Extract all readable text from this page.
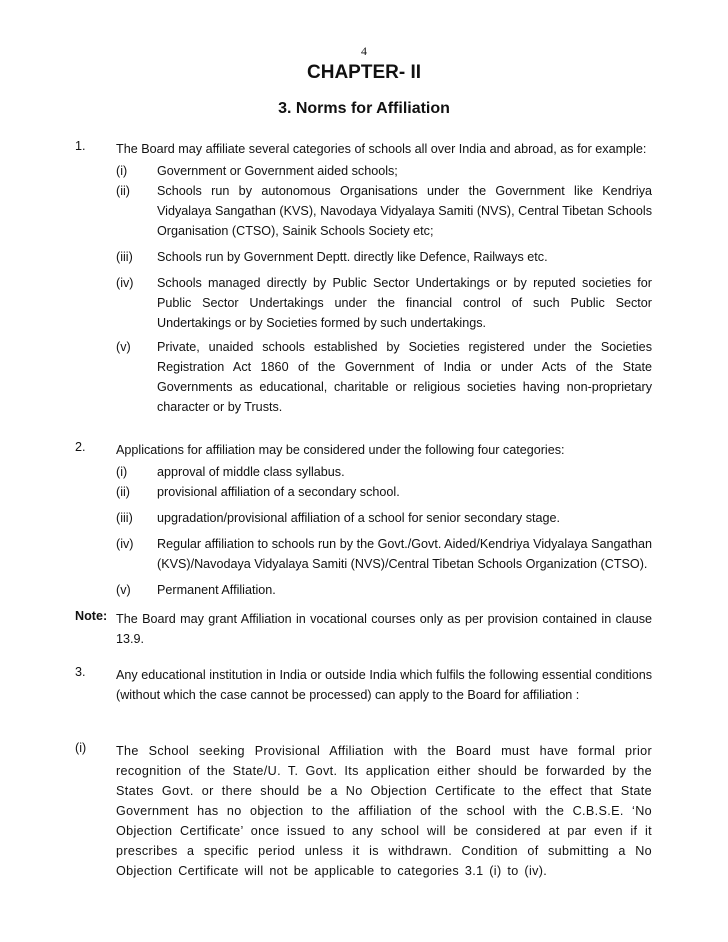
4
CHAPTER- II
3. Norms for Affiliation
1.	The Board may affiliate several categories of schools all over India and abroad, as for example:
(i)	Government or Government aided schools;
(ii)	Schools run by autonomous Organisations under the Government like Kendriya Vidyalaya Sangathan (KVS), Navodaya Vidyalaya Samiti (NVS), Central Tibetan Schools Organisation (CTSO), Sainik Schools Society etc;
(iii)	Schools run by Government Deptt. directly like Defence, Railways etc.
(iv)	Schools managed directly by Public Sector Undertakings or by reputed societies for Public Sector Undertakings under the financial control of such Public Sector Undertakings or by Societies formed by such undertakings.
(v)	Private, unaided schools established by Societies registered under the Societies Registration Act 1860 of the Government of India or under Acts of the State Governments as educational, charitable or religious societies having non-proprietary character or by Trusts.
2.	Applications for affiliation may be considered under the following four categories:
(i)	approval of middle class syllabus.
(ii)	provisional affiliation of a secondary school.
(iii)	upgradation/provisional affiliation of a school for senior secondary stage.
(iv)	Regular affiliation to schools run by the Govt./Govt. Aided/Kendriya Vidyalaya Sangathan (KVS)/Navodaya Vidyalaya Samiti (NVS)/Central Tibetan Schools Organization (CTSO).
(v)	Permanent Affiliation.
Note: The Board may grant Affiliation in vocational courses only as per provision contained in clause 13.9.
3.	Any educational institution in India or outside India which fulfils the following essential conditions (without which the case cannot be processed) can apply to the Board for affiliation :
(i)	The School seeking Provisional Affiliation with the Board must have formal prior recognition of the State/U. T. Govt. Its application either should be forwarded by the States Govt. or there should be a No Objection Certificate to the effect that State Government has no objection to the affiliation of the school with the C.B.S.E. ‘No Objection Certificate’ once issued to any school will be considered at par even if it prescribes a specific period unless it is withdrawn. Condition of submitting a No Objection Certificate will not be applicable to categories 3.1 (i) to (iv).
